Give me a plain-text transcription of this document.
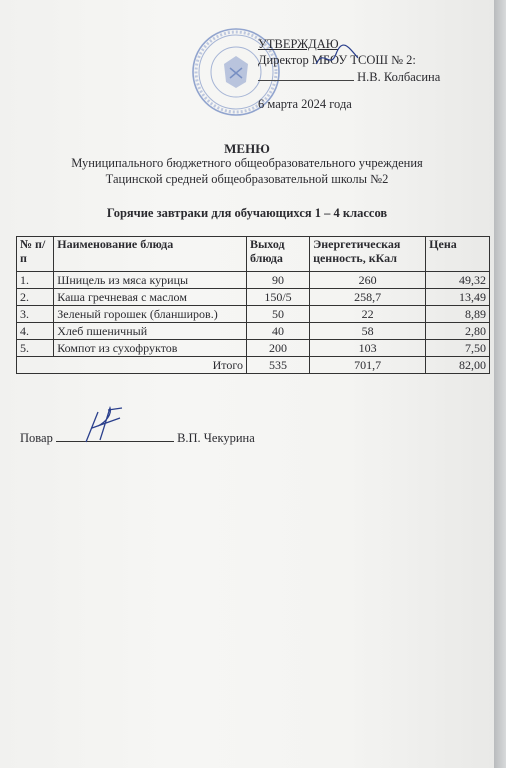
УТВЕРЖДАЮ
Директор МБОУ ТСОШ № 2:
Н.В. Колбасина
6 марта 2024 года
МЕНЮ
Муниципального бюджетного общеобразовательного учреждения
Тацинской средней общеобразовательной школы №2
Горячие завтраки для обучающихся 1 – 4 классов
№ п/п	Наименование блюда	Выход блюда	Энергетическая ценность, кКал	Цена
1.	Шницель из мяса курицы	90	260	49,32
2.	Каша гречневая с маслом	150/5	258,7	13,49
3.	Зеленый горошек (бланширов.)	50	22	8,89
4.	Хлеб пшеничный	40	58	2,80
5.	Компот из сухофруктов	200	103	7,50
Итого		535	701,7	82,00
Повар	В.П. Чекурина
